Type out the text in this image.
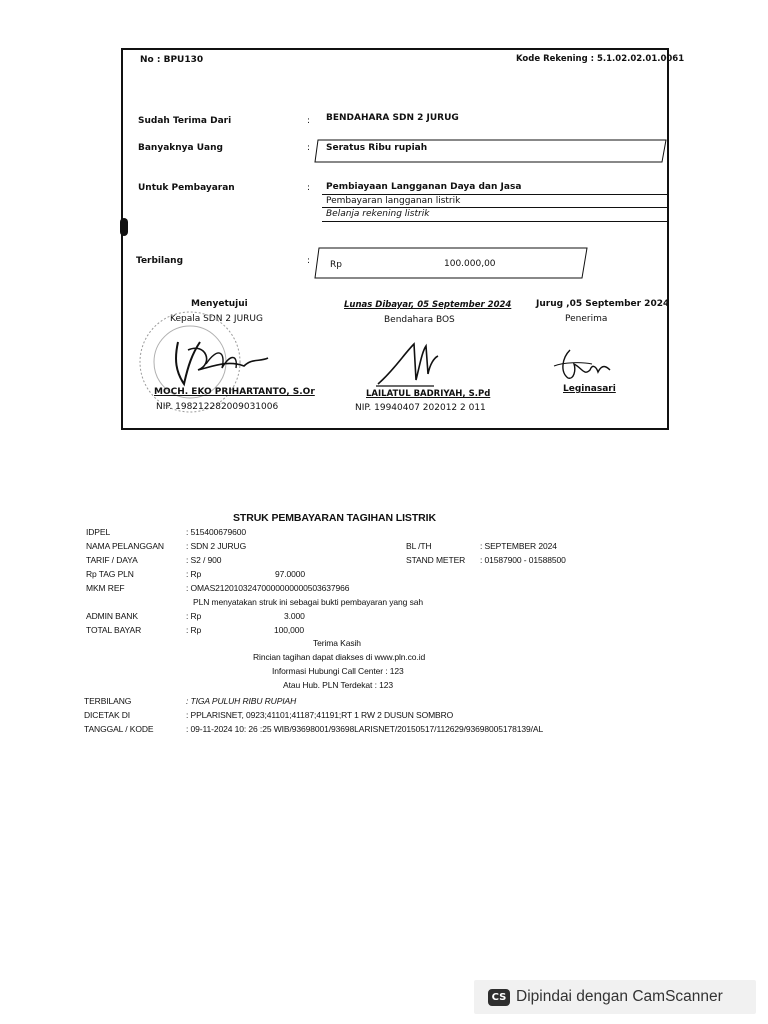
No : BPU130	Kode Rekening : 5.1.02.02.01.0061
Sudah Terima Dari	: BENDAHARA SDN 2 JURUG
Banyaknya Uang	: Seratus Ribu rupiah
Untuk Pembayaran	: Pembiayaan Langganan Daya dan Jasa
Pembayaran langganan listrik
Belanja rekening listrik
Terbilang	: Rp	100.000,00
Menyetujui
Kepala SDN 2 JURUG
MOCH. EKO PRIHARTANTO, S.Or
NIP. 198212282009031006
Lunas Dibayar, 05 September 2024
Bendahara BOS
LAILATUL BADRIYAH, S.Pd
NIP. 19940407 202012 2 011
Jurug ,05 September 2024
Penerima
Leginasari
STRUK PEMBAYARAN TAGIHAN LISTRIK
IDPEL	: 515400679600
NAMA PELANGGAN	: SDN 2 JURUG	BL /TH	: SEPTEMBER 2024
TARIF / DAYA	: S2 / 900	STAND METER : 01587900 - 01588500
Rp TAG PLN	: Rp	97.0000
MKM REF	: OMAS21201032470000000000503637966
PLN menyatakan struk ini sebagai bukti pembayaran yang sah
ADMIN BANK	: Rp	3.000
TOTAL BAYAR	: Rp	100,000
Terima Kasih
Rincian tagihan dapat diakses di www.pln.co.id
Informasi Hubungi Call Center : 123
Atau Hub. PLN Terdekat : 123
TERBILANG	: TIGA PULUH RIBU RUPIAH
DICETAK DI	: PPLARISNET, 0923;41101;41187;41191;RT 1 RW 2 DUSUN SOMBRO
TANGGAL / KODE	: 09-11-2024 10: 26 :25 WIB/93698001/93698LARISNET/20150517/112629/93698005178139/AL
CS Dipindai dengan CamScanner
